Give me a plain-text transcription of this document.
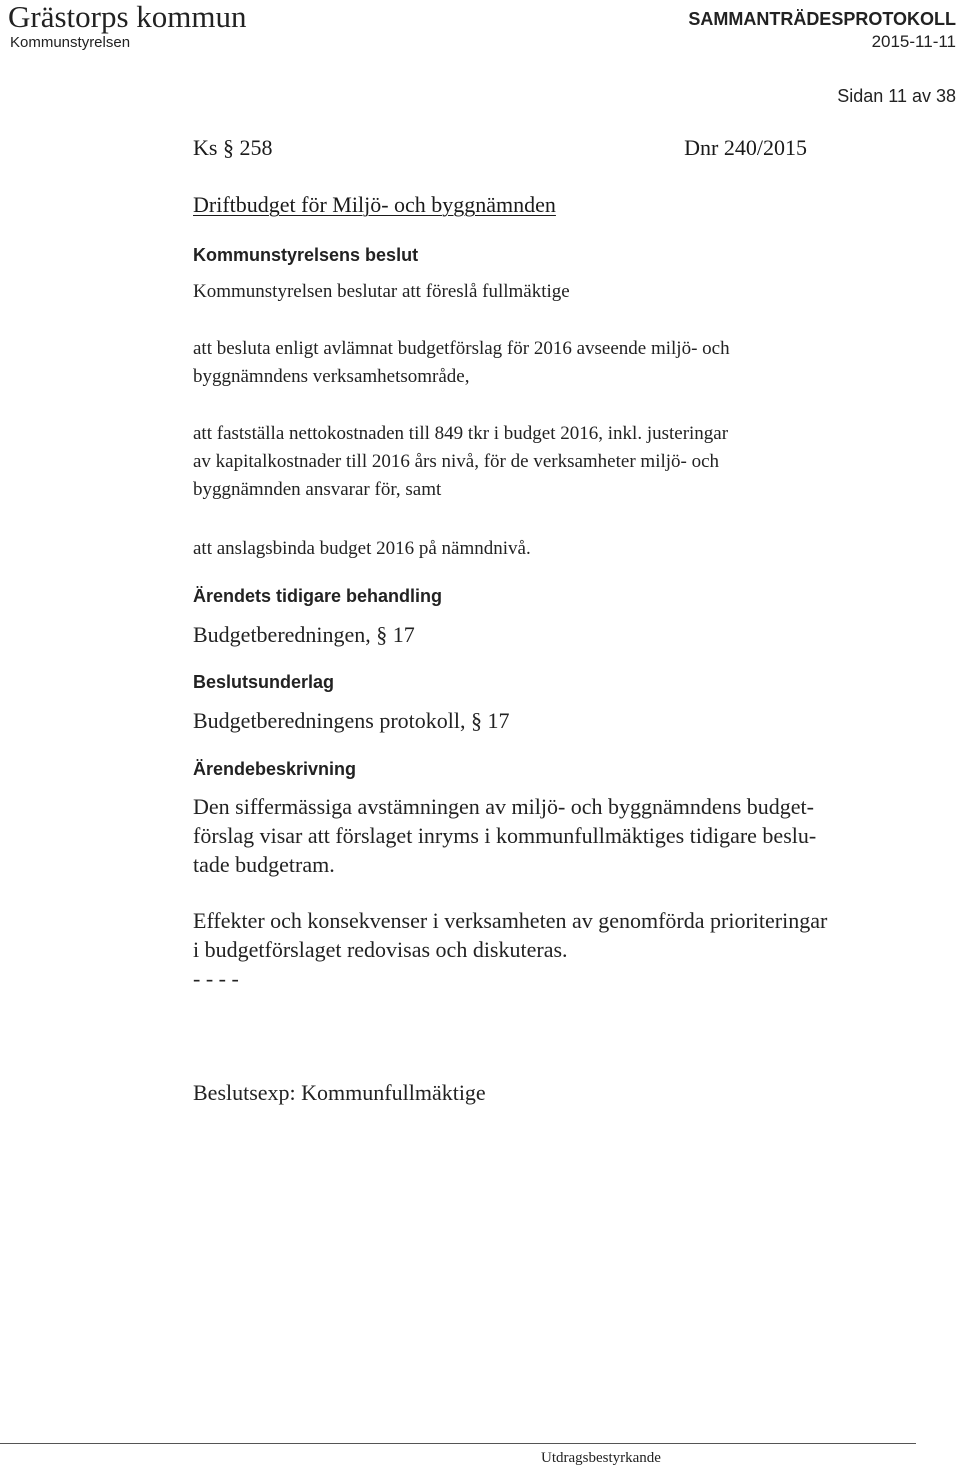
Grästorps kommun
Kommunstyrelsen
SAMMANTRÄDESPROTOKOLL
2015-11-11
Sidan 11 av 38
Ks § 258	Dnr 240/2015
Driftbudget för Miljö- och byggnämnden
Kommunstyrelsens beslut
Kommunstyrelsen beslutar att föreslå fullmäktige
att besluta enligt avlämnat budgetförslag för 2016 avseende miljö- och
byggnämndens verksamhetsområde,
att fastställa nettokostnaden till 849 tkr i budget 2016, inkl. justeringar
av kapitalkostnader till 2016 års nivå, för de verksamheter miljö- och
byggnämnden ansvarar för, samt
att anslagsbinda budget 2016 på nämndnivå.
Ärendets tidigare behandling
Budgetberedningen, § 17
Beslutsunderlag
Budgetberedningens protokoll, § 17
Ärendebeskrivning
Den siffermässiga avstämningen av miljö- och byggnämndens budget-
förslag visar att förslaget inryms i kommunfullmäktiges tidigare beslu-
tade budgetram.
Effekter och konsekvenser i verksamheten av genomförda prioriteringar
i budgetförslaget redovisas och diskuteras.
- - - -
Beslutsexp: Kommunfullmäktige
Utdragsbestyrkande
